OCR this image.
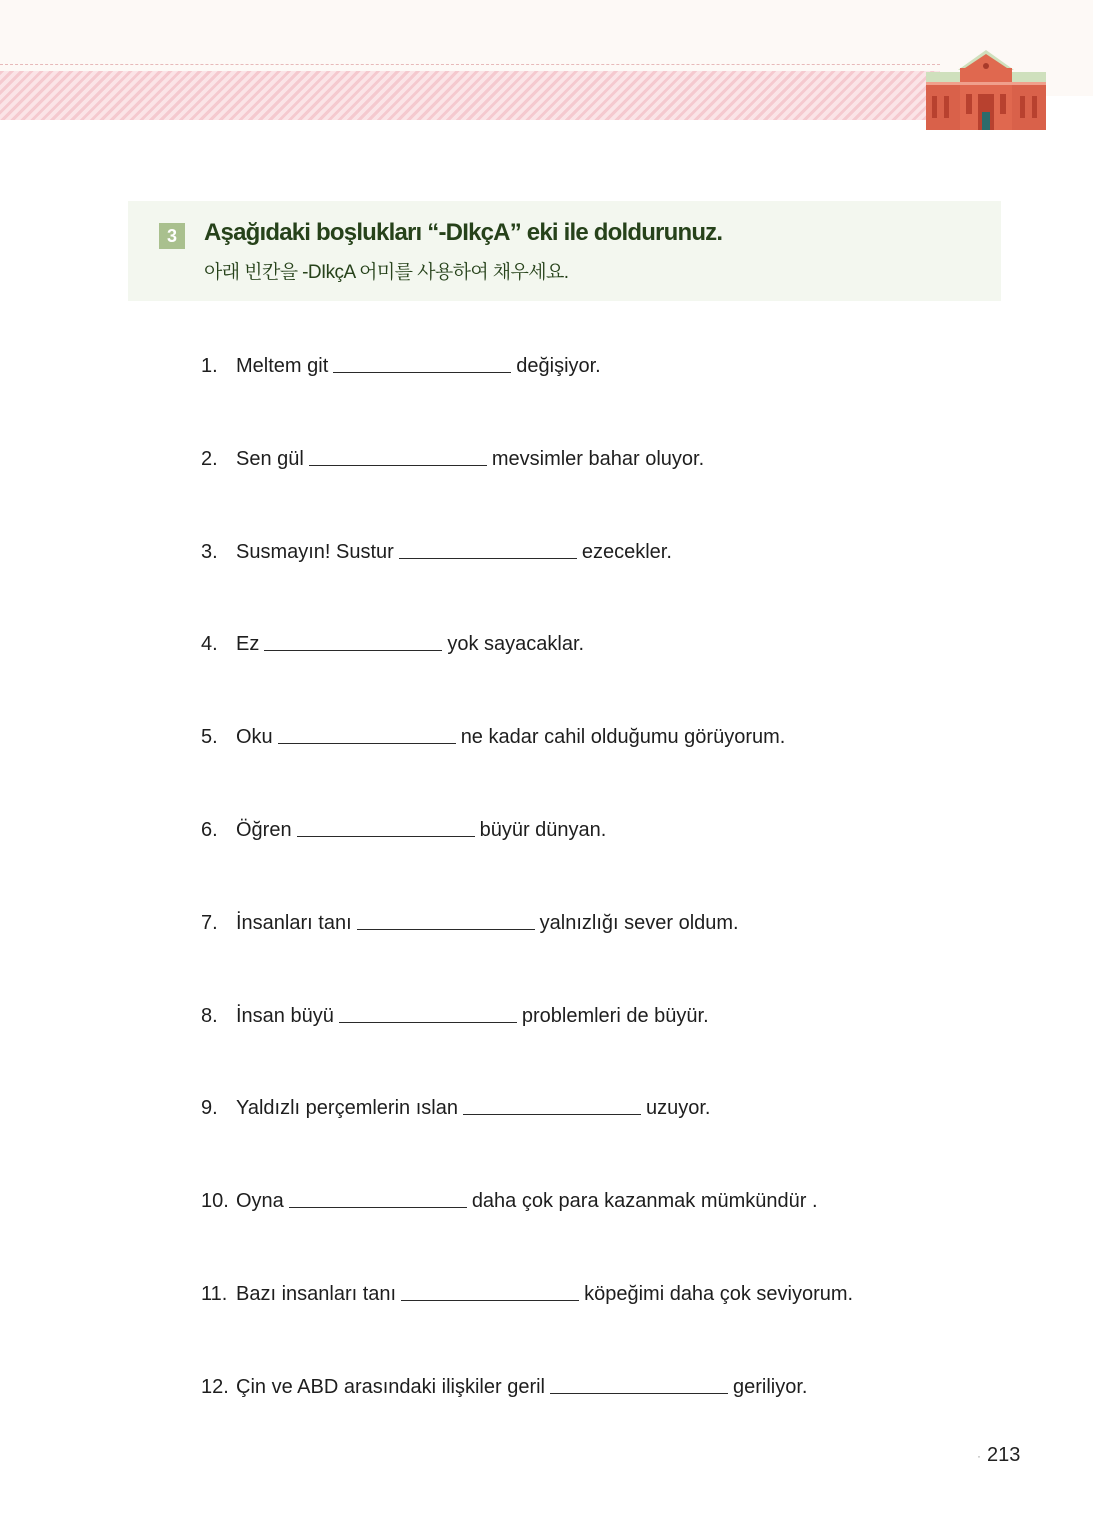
3	Aşağıdaki boşlukları “-DIkçA” eki ile doldurunuz.
아래 빈칸을 -DIkçA 어미를 사용하여 채우세요.
1. Meltem git	değişiyor.
2. Sen gül	mevsimler bahar oluyor.
3. Susmayın! Sustur	ezecekler.
4. Ez	yok sayacaklar.
5. Oku	ne kadar cahil olduğumu görüyorum.
6. Öğren	büyür dünyan.
7. İnsanları tanı	yalnızlığı sever oldum.
8. İnsan büyü	problemleri de büyür.
9. Yaldızlı perçemlerin ıslan	uzuyor.
10. Oyna	daha çok para kazanmak mümkündür .
11. Bazı insanları tanı	köpeğimi daha çok seviyorum.
12. Çin ve ABD arasındaki ilişkiler geril	geriliyor.
· 213
